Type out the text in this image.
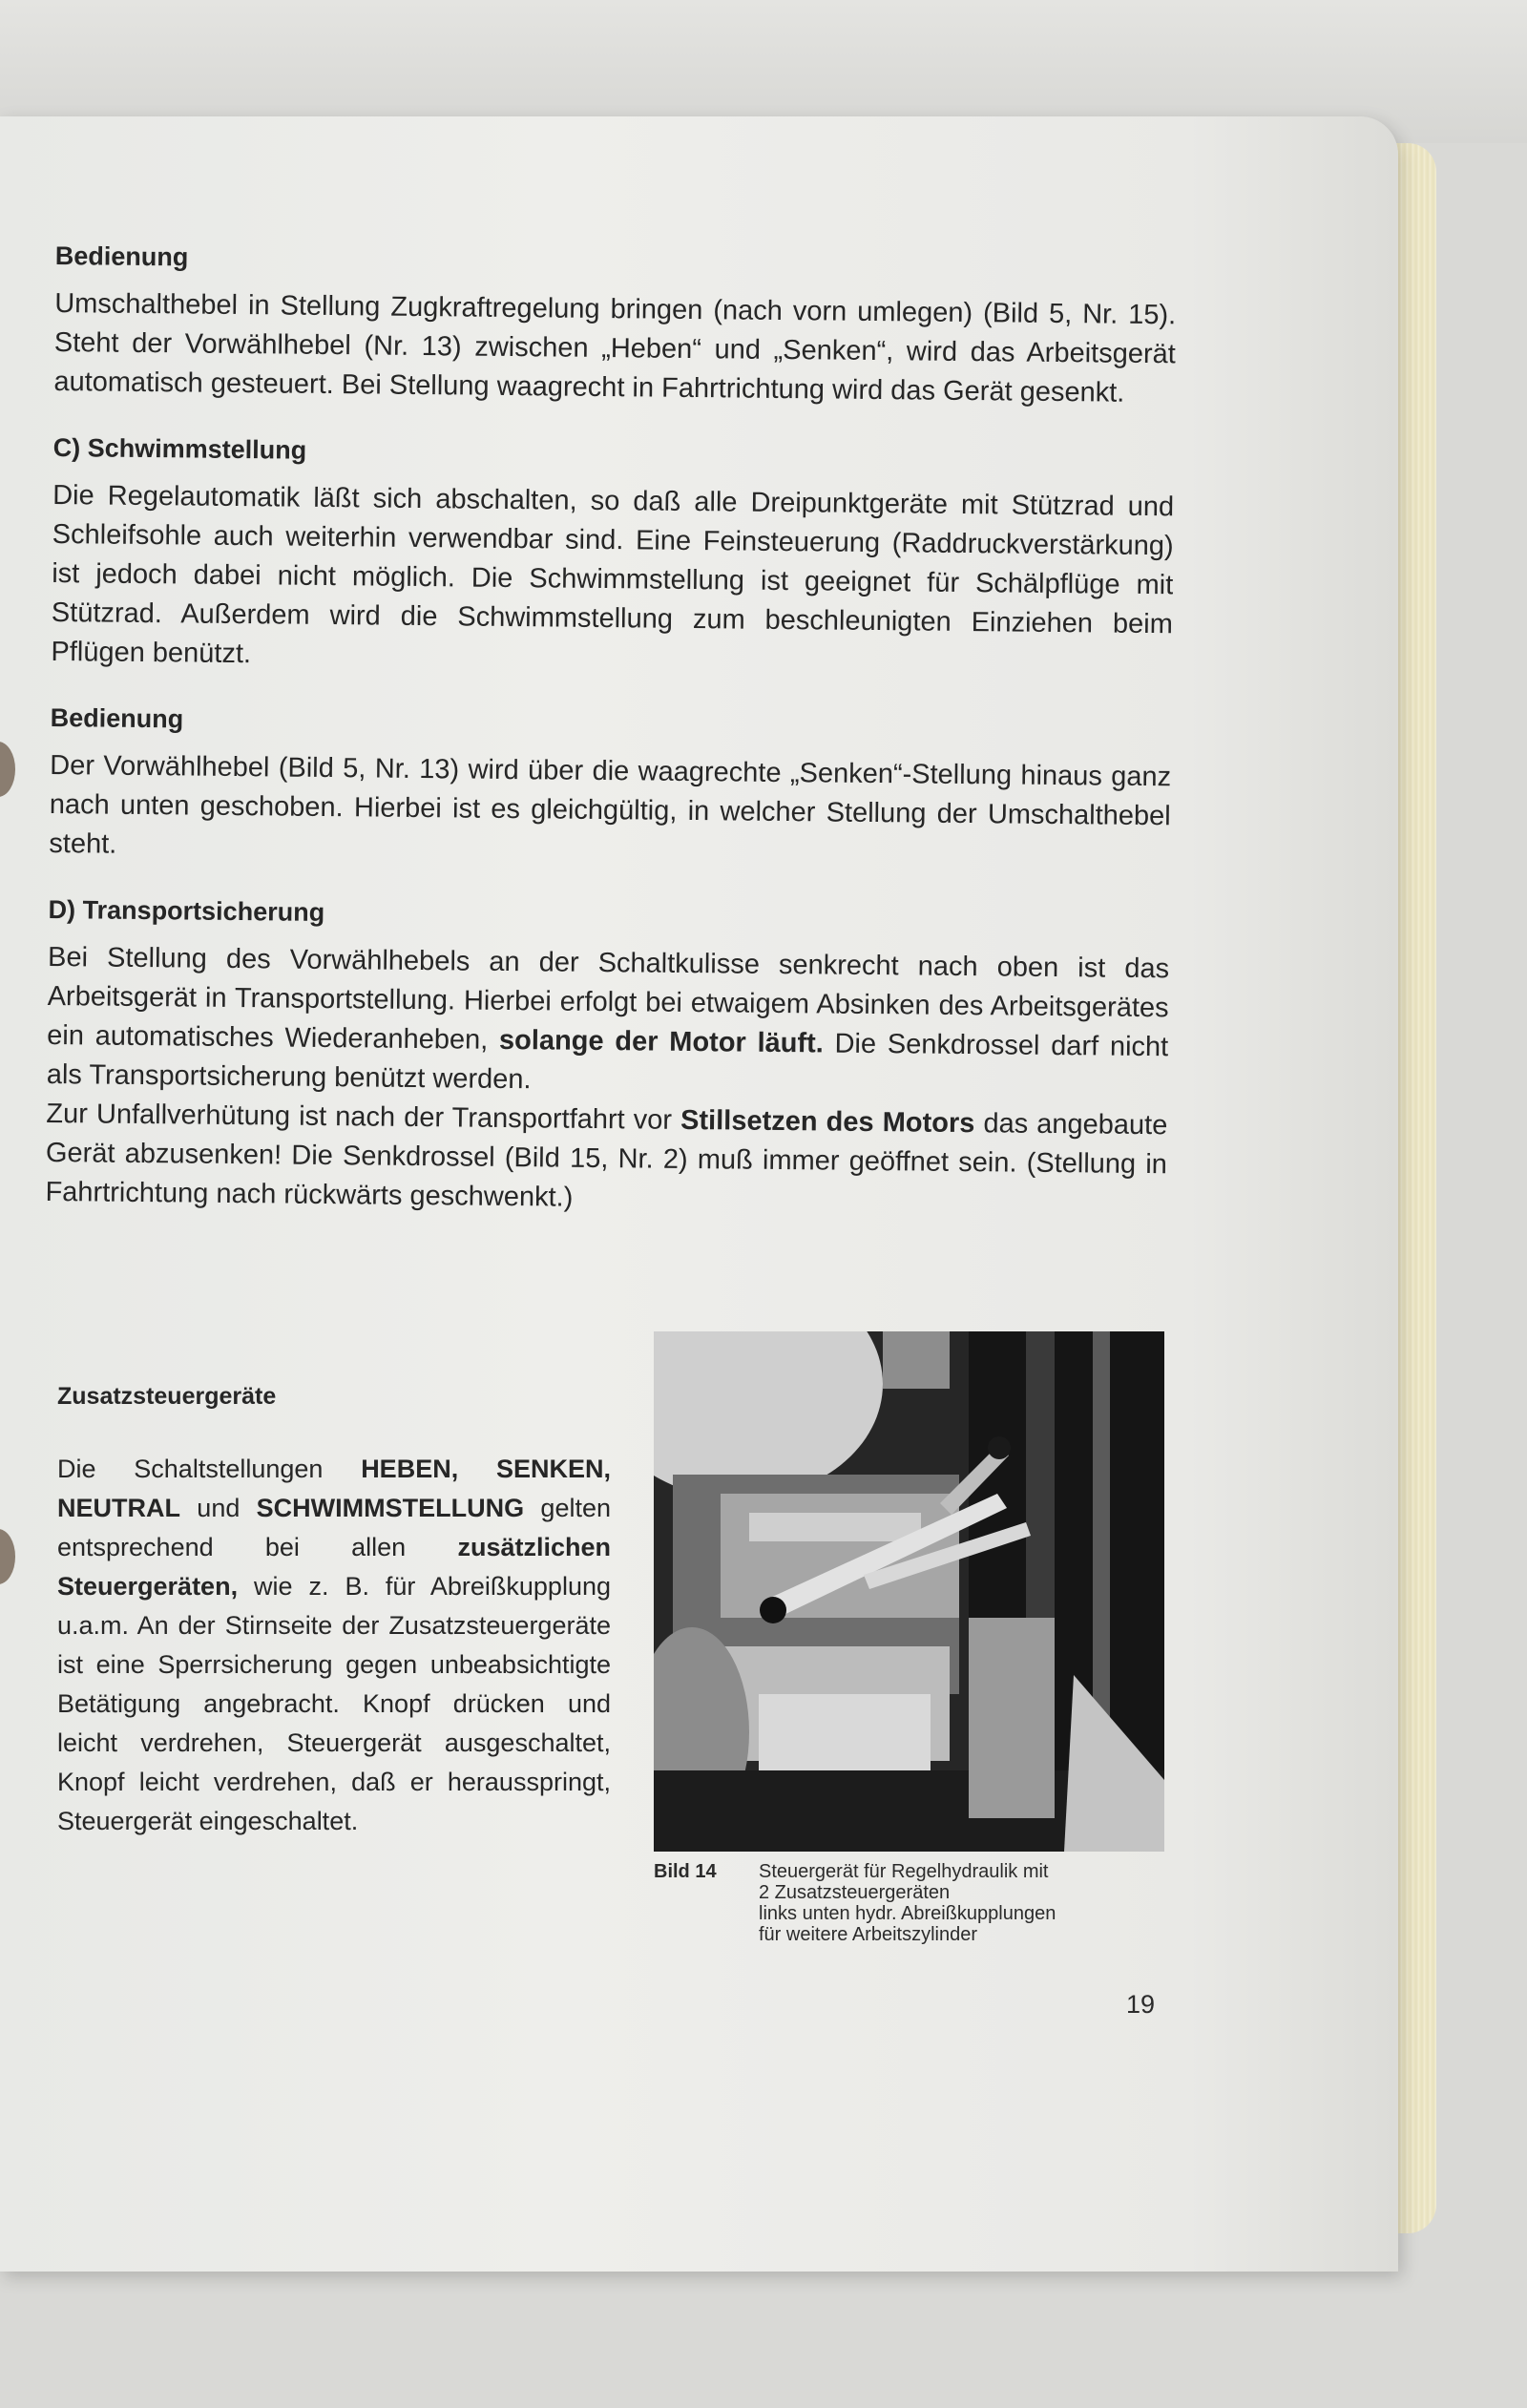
Bedienung

Umschalthebel in Stellung Zugkraftregelung bringen (nach vorn umlegen) (Bild 5, Nr. 15). Steht der Vorwählhebel (Nr. 13) zwischen „Heben“ und „Senken“, wird das Arbeitsgerät automatisch gesteuert. Bei Stellung waagrecht in Fahrtrichtung wird das Gerät gesenkt.

C) Schwimmstellung

Die Regelautomatik läßt sich abschalten, so daß alle Dreipunktgeräte mit Stützrad und Schleifsohle auch weiterhin verwendbar sind. Eine Feinsteuerung (Raddruckverstärkung) ist jedoch dabei nicht möglich. Die Schwimmstellung ist geeignet für Schälpflüge mit Stützrad. Außerdem wird die Schwimmstellung zum beschleunigten Einziehen beim Pflügen benützt.

Bedienung

Der Vorwählhebel (Bild 5, Nr. 13) wird über die waagrechte „Senken“-Stellung hinaus ganz nach unten geschoben. Hierbei ist es gleichgültig, in welcher Stellung der Umschalthebel steht.

D) Transportsicherung

Bei Stellung des Vorwählhebels an der Schaltkulisse senkrecht nach oben ist das Arbeitsgerät in Transportstellung. Hierbei erfolgt bei etwaigem Absinken des Arbeitsgerätes ein automatisches Wiederanheben, solange der Motor läuft. Die Senkdrossel darf nicht als Transportsicherung benützt werden.

Zur Unfallverhütung ist nach der Transportfahrt vor Stillsetzen des Motors das angebaute Gerät abzusenken! Die Senkdrossel (Bild 15, Nr. 2) muß immer geöffnet sein. (Stellung in Fahrtrichtung nach rückwärts geschwenkt.)

Zusatzsteuergeräte

Die Schaltstellungen HEBEN, SENKEN, NEUTRAL und SCHWIMMSTELLUNG gelten entsprechend bei allen zusätzlichen Steuergeräten, wie z. B. für Abreißkupplung u.a.m. An der Stirnseite der Zusatzsteuergeräte ist eine Sperrsicherung gegen unbeabsichtigte Betätigung angebracht. Knopf drücken und leicht verdrehen, Steuergerät ausgeschaltet, Knopf leicht verdrehen, daß er herausspringt, Steuergerät eingeschaltet.

Bild 14	Steuergerät für Regelhydraulik mit
2 Zusatzsteuergeräten
links unten hydr. Abreißkupplungen
für weitere Arbeitszylinder
19
